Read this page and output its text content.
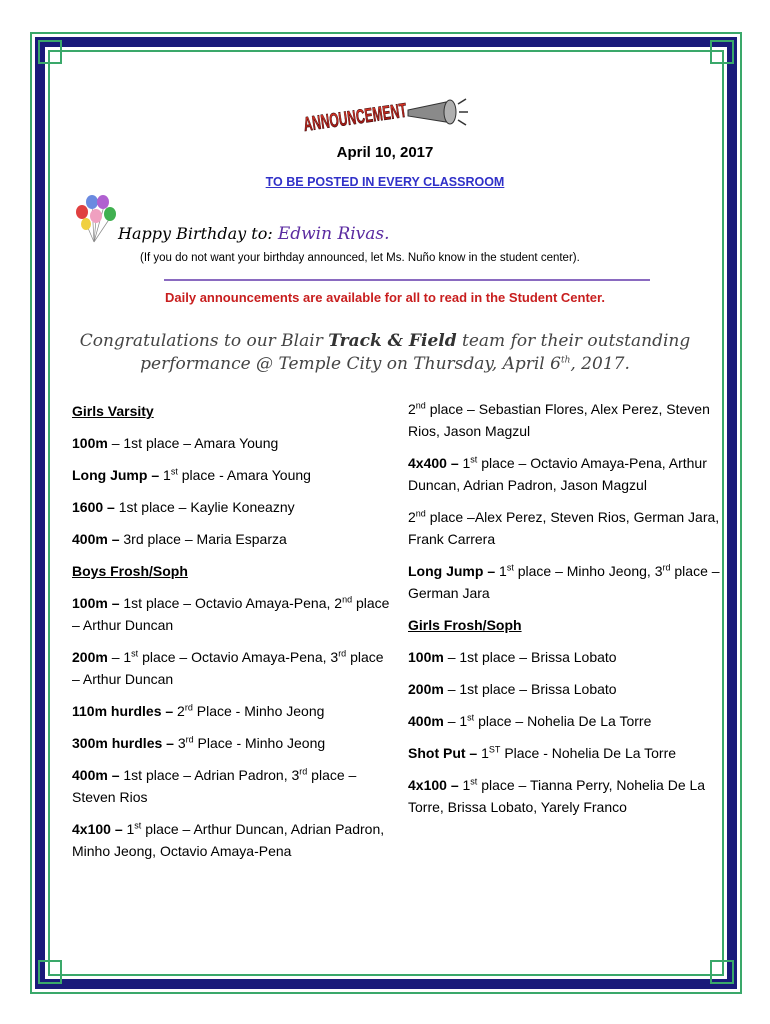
ANNOUNCEMENT
April 10, 2017
TO BE POSTED IN EVERY CLASSROOM
Happy Birthday to: Edwin Rivas.
(If you do not want your birthday announced, let Ms. Nuño know in the student center).
Daily announcements are available for all to read in the Student Center.
Congratulations to our Blair Track & Field team for their outstanding
performance @ Temple City on Thursday, April 6th, 2017.
Girls Varsity
100m – 1st place – Amara Young
Long Jump – 1st place - Amara Young
1600 – 1st place – Kaylie Koneazny
400m – 3rd place – Maria Esparza
Boys Frosh/Soph
100m – 1st place – Octavio Amaya-Pena, 2nd place – Arthur Duncan
200m – 1st place – Octavio Amaya-Pena, 3rd place – Arthur Duncan
110m hurdles – 2rd Place - Minho Jeong
300m hurdles – 3rd Place - Minho Jeong
400m – 1st place – Adrian Padron, 3rd place – Steven Rios
4x100 – 1st place – Arthur Duncan, Adrian Padron, Minho Jeong, Octavio Amaya-Pena
2nd place – Sebastian Flores, Alex Perez, Steven Rios, Jason Magzul
4x400 – 1st place – Octavio Amaya-Pena, Arthur Duncan, Adrian Padron, Jason Magzul
2nd place –Alex Perez, Steven Rios, German Jara, Frank Carrera
Long Jump – 1st place – Minho Jeong, 3rd place – German Jara
Girls Frosh/Soph
100m – 1st place – Brissa Lobato
200m – 1st place – Brissa Lobato
400m – 1st place – Nohelia De La Torre
Shot Put – 1ST Place - Nohelia De La Torre
4x100 – 1st place – Tianna Perry, Nohelia De La Torre, Brissa Lobato, Yarely Franco
